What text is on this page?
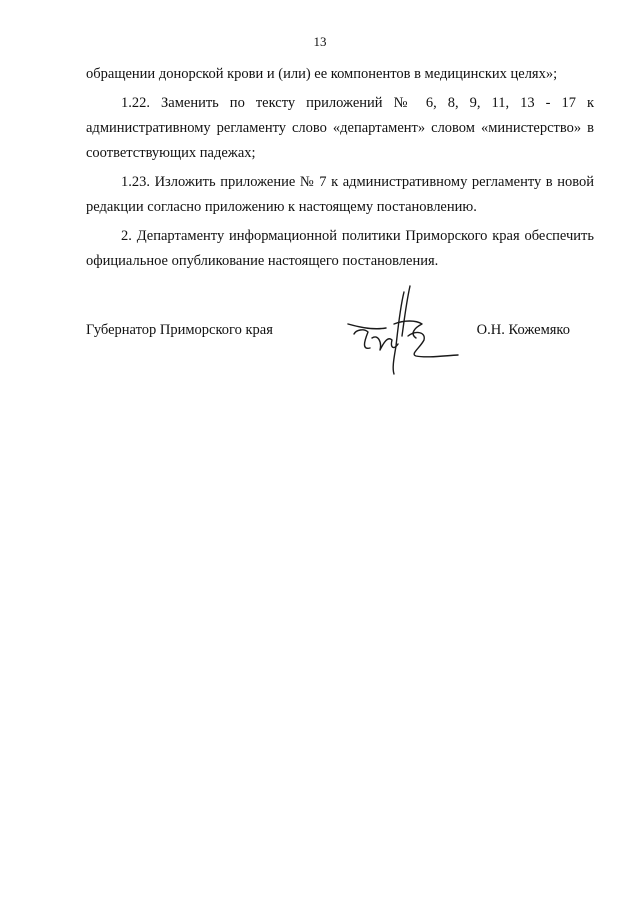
13

обращении донорской крови и (или) ее компонентов в медицинских целях»;

1.22. Заменить по тексту приложений № 6, 8, 9, 11, 13 - 17 к административному регламенту слово «департамент» словом «министерство» в соответствующих падежах;

1.23. Изложить приложение № 7 к административному регламенту в новой редакции согласно приложению к настоящему постановлению.

2. Департаменту информационной политики Приморского края обеспечить официальное опубликование настоящего постановления.

Губернатор Приморского края	О.Н. Кожемяко
